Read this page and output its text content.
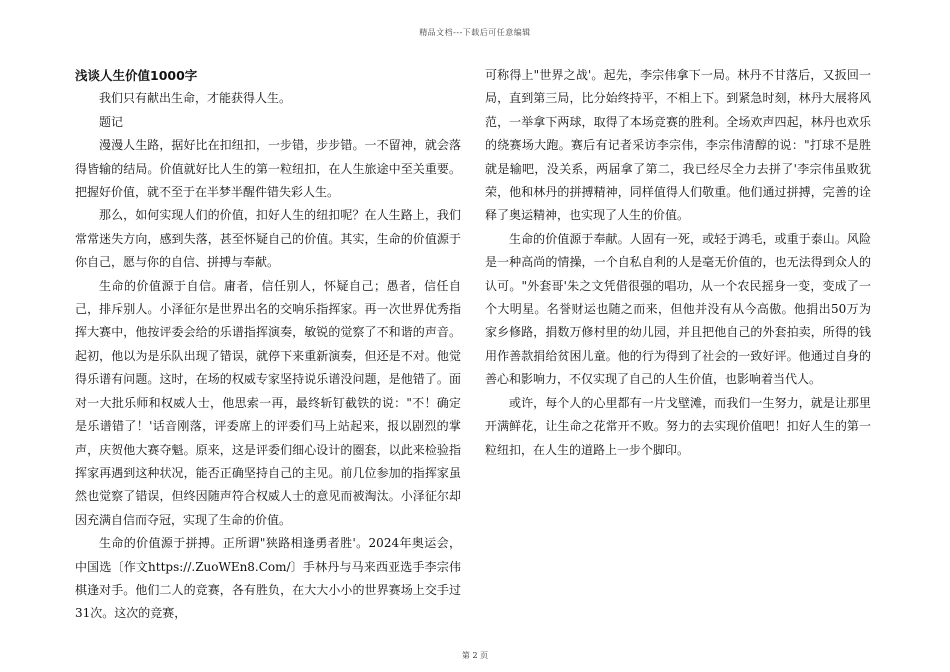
精品文档---下载后可任意编辑
浅谈人生价值1000字

我们只有献出生命，才能获得人生。

题记

漫漫人生路，据好比在扣纽扣，一步错，步步错。一不留神，就会落得皆输的结局。价值就好比人生的第一粒纽扣，在人生旅途中至关重要。把握好价值，就不至于在半梦半醒件错失彩人生。

那么，如何实现人们的价值，扣好人生的纽扣呢？在人生路上，我们常常迷失方向，感到失落，甚至怀疑自己的价值。其实，生命的价值源于你自己，愿与你的自信、拼搏与奉献。

生命的价值源于自信。庸者，信任别人，怀疑自己；愚者，信任自己，排斥别人。小泽征尔是世界出名的交响乐指挥家。再一次世界优秀指挥大赛中，他按评委会给的乐谱指挥演奏，敏锐的觉察了不和谐的声音。起初，他以为是乐队出现了错误，就停下来重新演奏，但还是不对。他觉得乐谱有问题。这时，在场的权威专家坚持说乐谱没问题，是他错了。面对一大批乐师和权威人士，他思索一再，最终斩钉截铁的说："不！确定是乐谱错了！'话音刚落，评委席上的评委们马上站起来，报以剧烈的掌声，庆贺他大赛夺魁。原来，这是评委们细心设计的圈套，以此来检验指挥家再遇到这种状况，能否正确坚持自己的主见。前几位参加的指挥家虽然也觉察了错误，但终因随声符合权威人士的意见而被淘汰。小泽征尔却因充满自信而夺冠，实现了生命的价值。

生命的价值源于拼搏。正所谓"狭路相逢勇者胜'。2024年奥运会，中国选〔作文https://.ZuoWEn8.Com/〕手林丹与马来西亚选手李宗伟棋逢对手。他们二人的竞赛，各有胜负，在大大小小的世界赛场上交手过31次。这次的竞赛，

可称得上"世界之战'。起先，李宗伟拿下一局。林丹不甘落后，又扳回一局，直到第三局，比分始终持平，不相上下。到紧急时刻，林丹大展将风范，一举拿下两球，取得了本场竞赛的胜利。全场欢声四起，林丹也欢乐的绕赛场大跑。赛后有记者采访李宗伟，李宗伟清醇的说："打球不是胜就是输吧，没关系，两届拿了第二，我已经尽全力去拼了'李宗伟虽败犹荣，他和林丹的拼搏精神，同样值得人们敬重。他们通过拼搏，完善的诠释了奥运精神，也实现了人生的价值。

生命的价值源于奉献。人固有一死，或轻于鸿毛，或重于泰山。风险是一种高尚的情操，一个自私自利的人是毫无价值的，也无法得到众人的认可。"外套哥'朱之文凭借很强的唱功，从一个农民摇身一变，变成了一个大明星。名誉财运也随之而来，但他并没有从今高傲。他捐出50万为家乡修路，捐数万修村里的幼儿园，并且把他自己的外套拍卖，所得的钱用作善款捐给贫困儿童。他的行为得到了社会的一致好评。他通过自身的善心和影响力，不仅实现了自己的人生价值，也影响着当代人。

或许，每个人的心里都有一片戈壁滩，而我们一生努力，就是让那里开满鲜花，让生命之花常开不败。努力的去实现价值吧！扣好人生的第一粒纽扣，在人生的道路上一步个脚印。

第 2 页
